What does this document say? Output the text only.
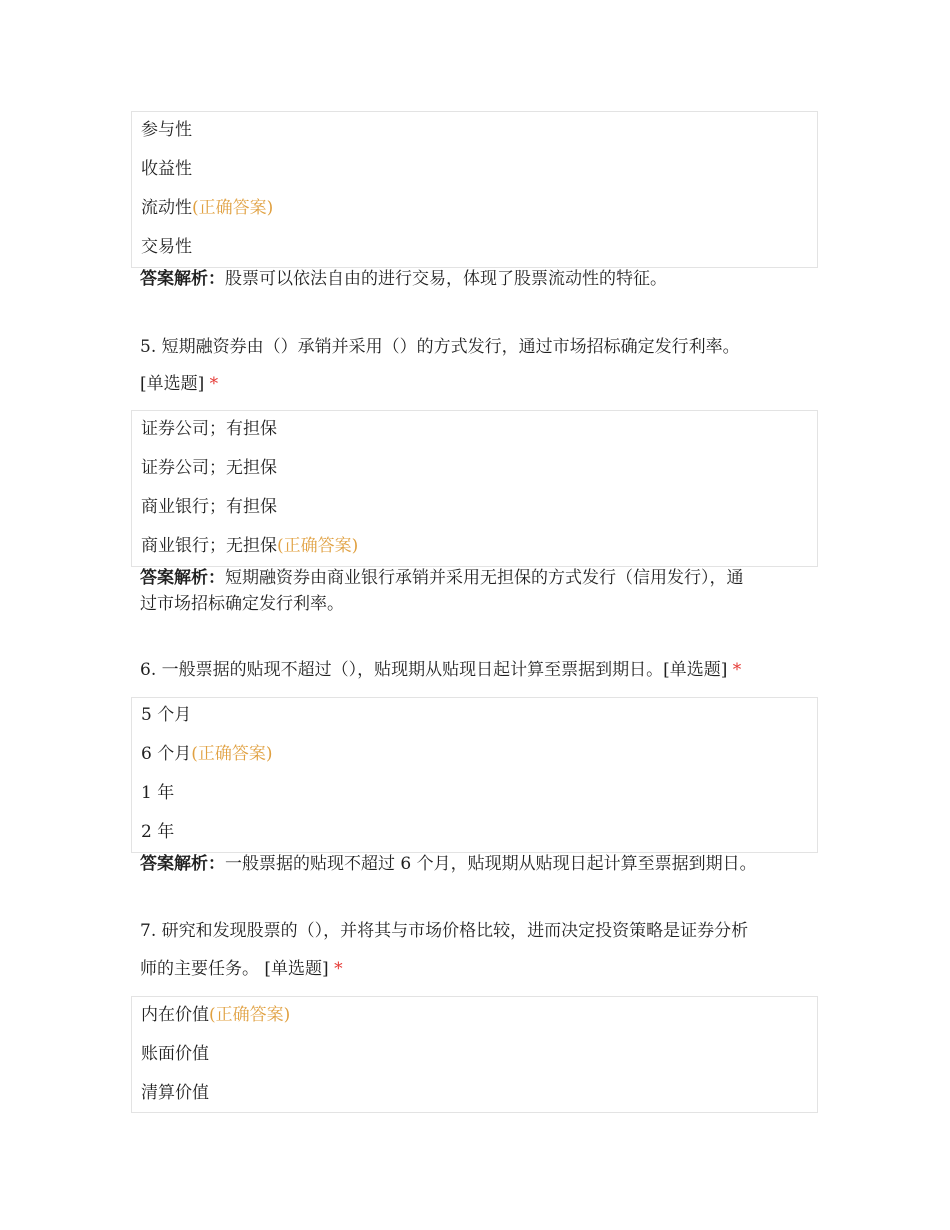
参与性
收益性
流动性(正确答案)
交易性
答案解析：股票可以依法自由的进行交易，体现了股票流动性的特征。
5. 短期融资券由（）承销并采用（）的方式发行，通过市场招标确定发行利率。
[单选题] *
证券公司；有担保
证券公司；无担保
商业银行；有担保
商业银行；无担保(正确答案)
答案解析：短期融资券由商业银行承销并采用无担保的方式发行（信用发行），通
过市场招标确定发行利率。
6. 一般票据的贴现不超过（），贴现期从贴现日起计算至票据到期日。[单选题] *
5 个月
6 个月(正确答案)
1 年
2 年
答案解析：一般票据的贴现不超过 6 个月，贴现期从贴现日起计算至票据到期日。
7. 研究和发现股票的（），并将其与市场价格比较，进而决定投资策略是证券分析
师的主要任务。 [单选题] *
内在价值(正确答案)
账面价值
清算价值
